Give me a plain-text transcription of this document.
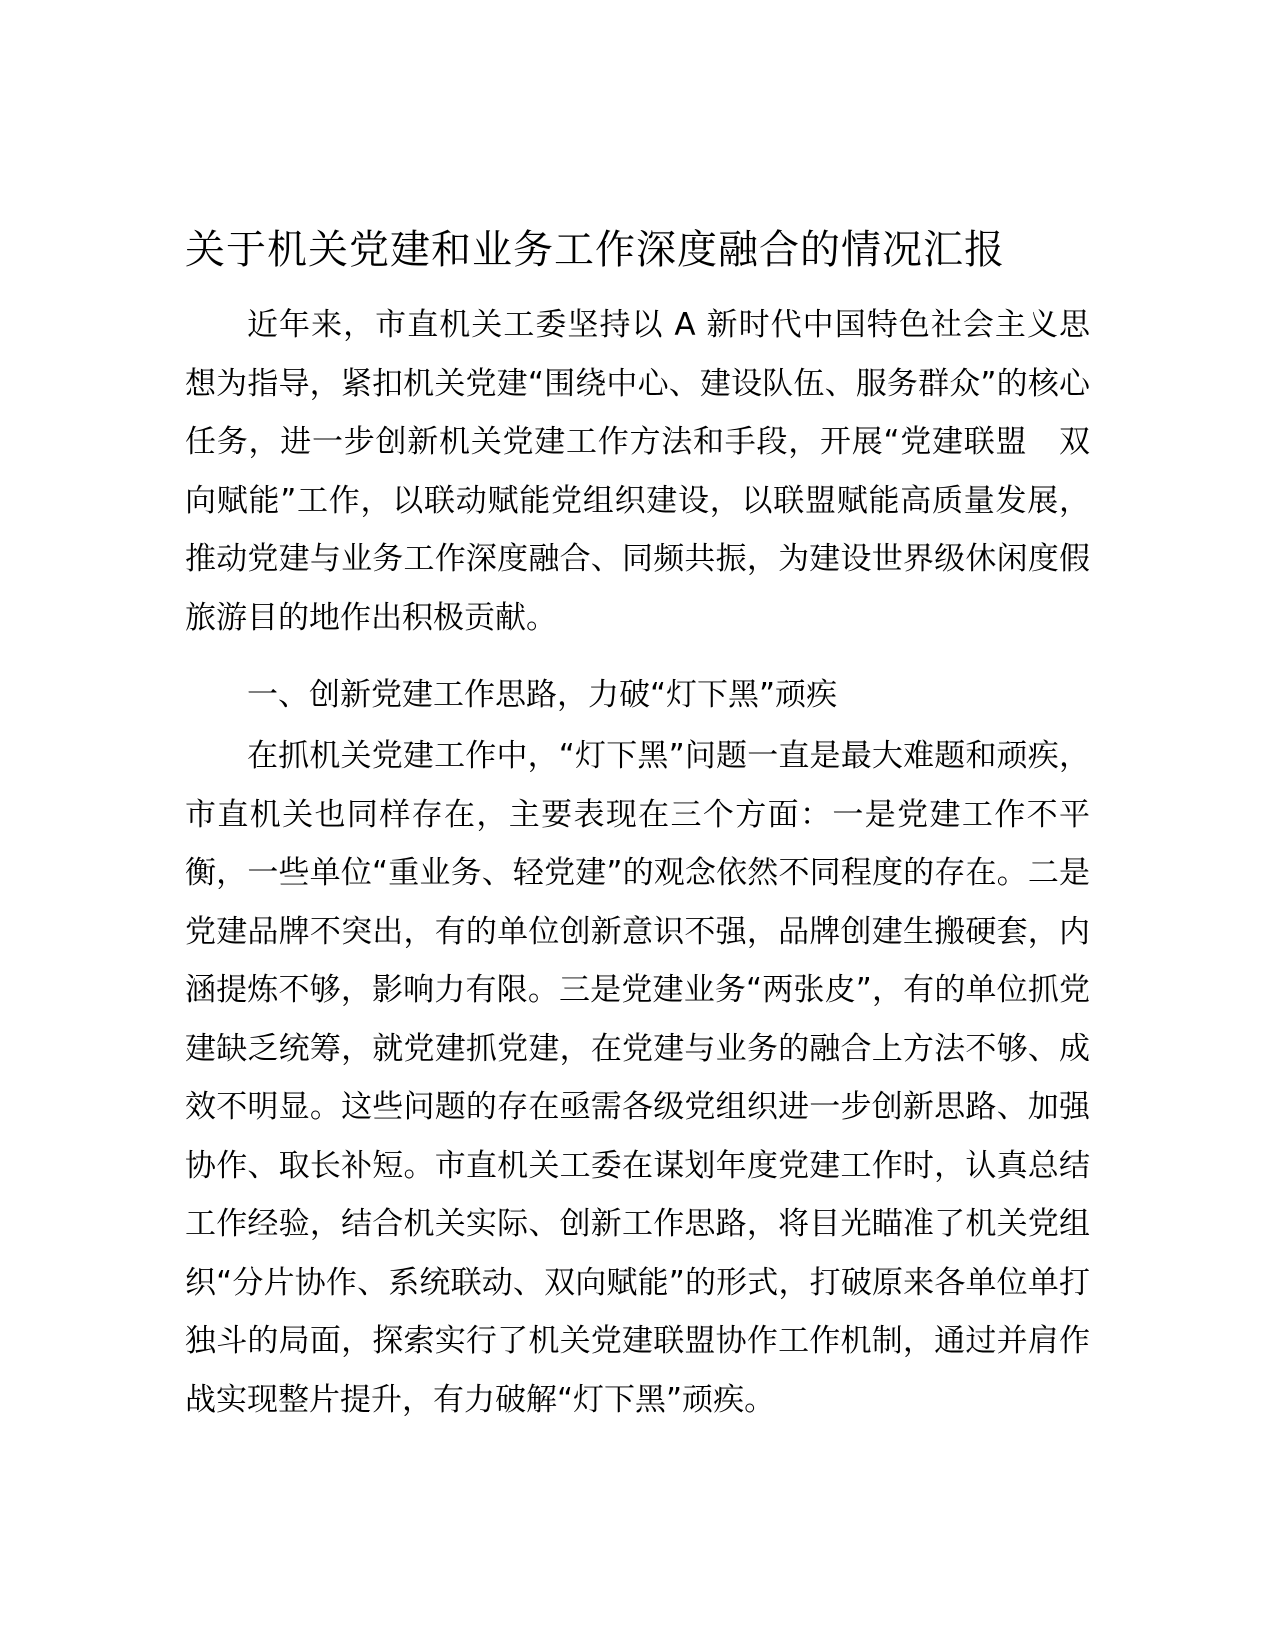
关于机关党建和业务工作深度融合的情况汇报

近年来，市直机关工委坚持以 A 新时代中国特色社会主义思想为指导，紧扣机关党建“围绕中心、建设队伍、服务群众”的核心任务，进一步创新机关党建工作方法和手段，开展“党建联盟　双向赋能”工作，以联动赋能党组织建设，以联盟赋能高质量发展，推动党建与业务工作深度融合、同频共振，为建设世界级休闲度假旅游目的地作出积极贡献。

一、创新党建工作思路，力破“灯下黑”顽疾

在抓机关党建工作中，“灯下黑”问题一直是最大难题和顽疾，市直机关也同样存在，主要表现在三个方面：一是党建工作不平衡，一些单位“重业务、轻党建”的观念依然不同程度的存在。二是党建品牌不突出，有的单位创新意识不强，品牌创建生搬硬套，内涵提炼不够，影响力有限。三是党建业务“两张皮”，有的单位抓党建缺乏统筹，就党建抓党建，在党建与业务的融合上方法不够、成效不明显。这些问题的存在亟需各级党组织进一步创新思路、加强协作、取长补短。市直机关工委在谋划年度党建工作时，认真总结工作经验，结合机关实际、创新工作思路，将目光瞄准了机关党组织“分片协作、系统联动、双向赋能”的形式，打破原来各单位单打独斗的局面，探索实行了机关党建联盟协作工作机制，通过并肩作战实现整片提升，有力破解“灯下黑”顽疾。
